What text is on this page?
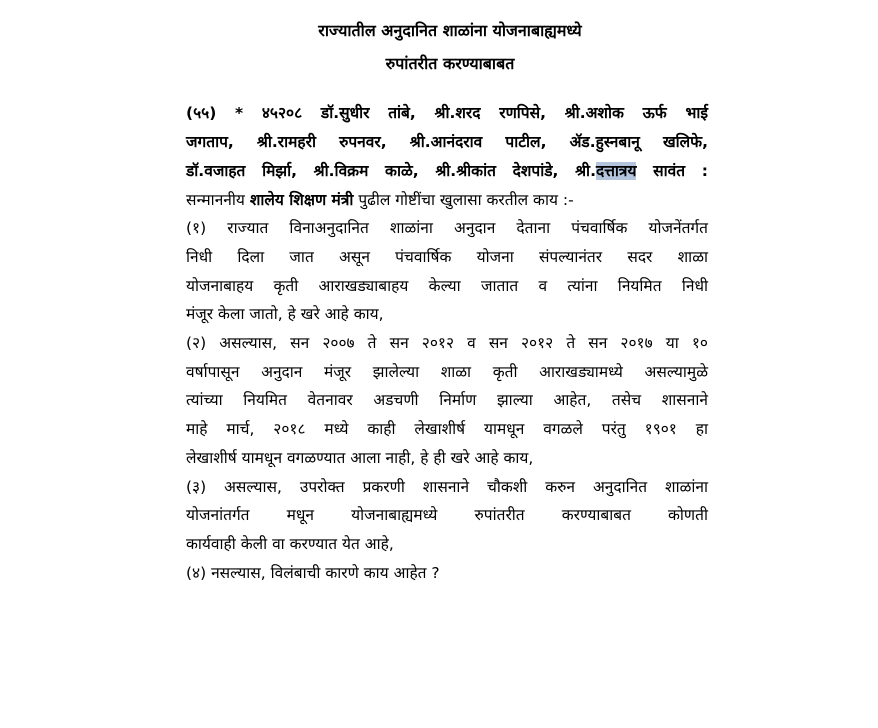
राज्यातील अनुदानित शाळांना योजनाबाह्यमध्ये
रुपांतरीत करण्याबाबत
(५५) * ४५२०८ डॉ.सुधीर तांबे, श्री.शरद रणपिसे, श्री.अशोक ऊर्फ भाई
जगताप, श्री.रामहरी रुपनवर, श्री.आनंदराव पाटील, ॲड.हुस्नबानू खलिफे,
डॉ.वजाहत मिर्झा, श्री.विक्रम काळे, श्री.श्रीकांत देशपांडे, श्री.दत्तात्रय सावंत :
सन्माननीय शालेय शिक्षण मंत्री पुढील गोष्टींचा खुलासा करतील काय :-
(१) राज्यात विनाअनुदानित शाळांना अनुदान देताना पंचवार्षिक योजनेंतर्गत
निधी दिला जात असून पंचवार्षिक योजना संपल्यानंतर सदर शाळा
योजनाबाहय कृती आराखड्याबाहय केल्या जातात व त्यांना नियमित निधी
मंजूर केला जातो, हे खरे आहे काय,
(२) असल्यास, सन २००७ ते सन २०१२ व सन २०१२ ते सन २०१७ या १०
वर्षापासून अनुदान मंजूर झालेल्या शाळा कृती आराखड्यामध्ये असल्यामुळे
त्यांच्या नियमित वेतनावर अडचणी निर्माण झाल्या आहेत, तसेच शासनाने
माहे मार्च, २०१८ मध्ये काही लेखाशीर्ष यामधून वगळले परंतु १९०१ हा
लेखाशीर्ष यामधून वगळण्यात आला नाही, हे ही खरे आहे काय,
(३) असल्यास, उपरोक्त प्रकरणी शासनाने चौकशी करुन अनुदानित शाळांना
योजनांतर्गत मधून योजनाबाह्यमध्ये रुपांतरीत करण्याबाबत कोणती
कार्यवाही केली वा करण्यात येत आहे,
(४) नसल्यास, विलंबाची कारणे काय आहेत ?
